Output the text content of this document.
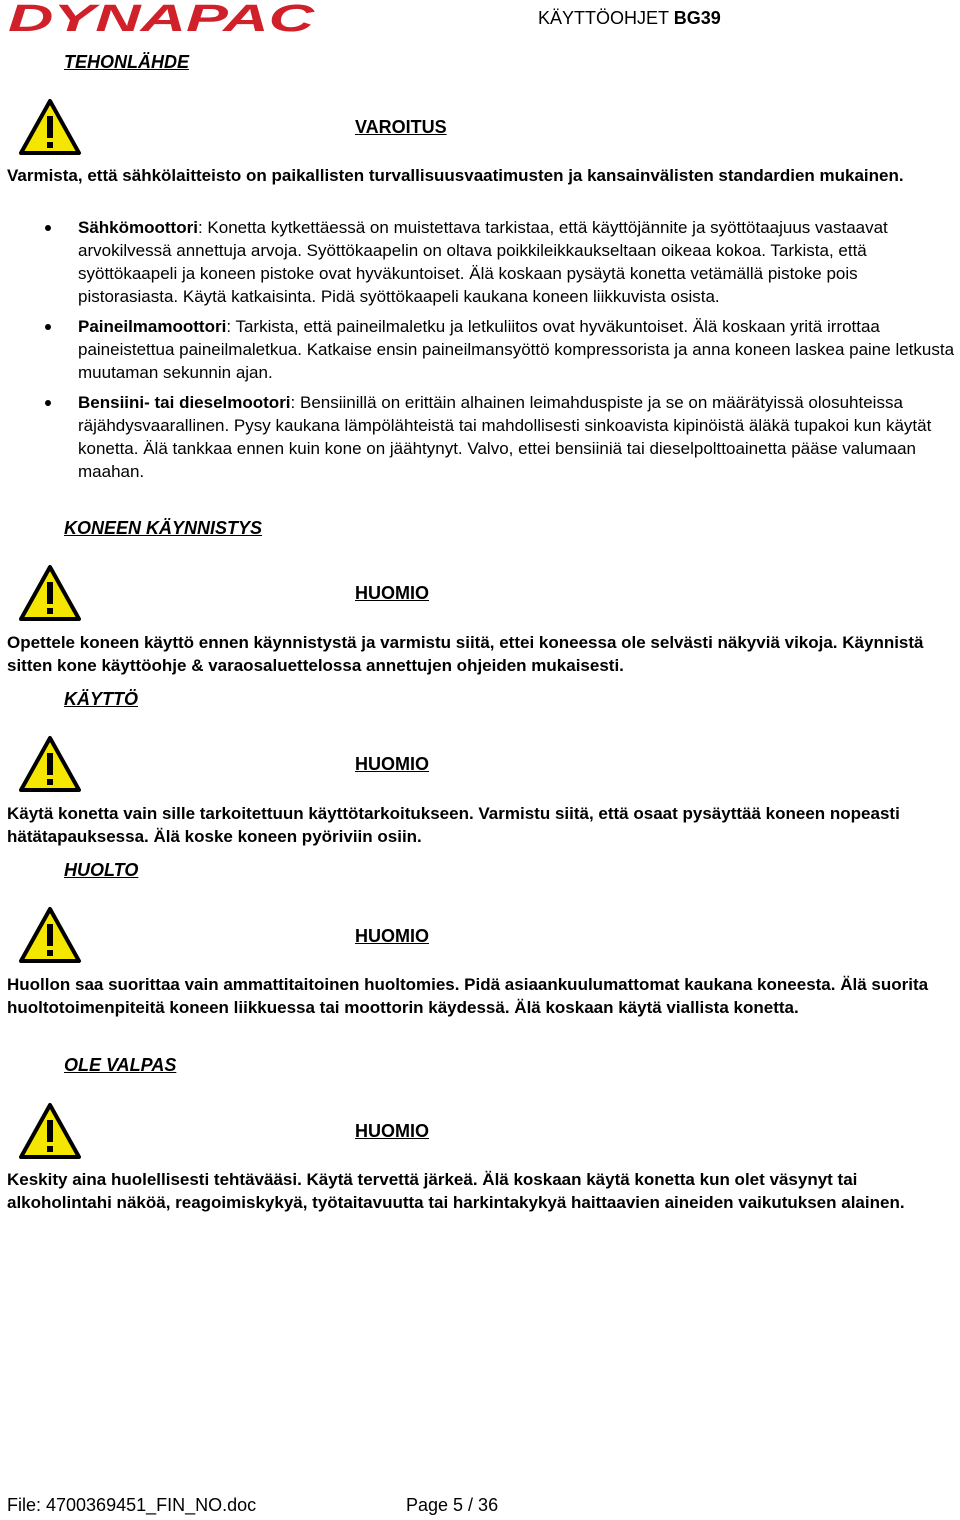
DYNAPAC	KÄYTTÖOHJET BG39
TEHONLÄHDE
VAROITUS
Varmista, että sähkölaitteisto on paikallisten turvallisuusvaatimusten ja kansainvälisten standardien mukainen.
Sähkömoottori: Konetta kytkettäessä on muistettava tarkistaa, että käyttöjännite ja syöttötaajuus vastaavat arvokilvessä annettuja arvoja. Syöttökaapelin on oltava poikkileikkaukseltaan oikeaa kokoa. Tarkista, että syöttökaapeli ja koneen pistoke ovat hyväkuntoiset. Älä koskaan pysäytä konetta vetämällä pistoke pois pistorasiasta. Käytä katkaisinta. Pidä syöttökaapeli kaukana koneen liikkuvista osista.
Paineilmamoottori: Tarkista, että paineilmaletku ja letkuliitos ovat hyväkuntoiset. Älä koskaan yritä irrottaa paineistettua paineilmaletkua. Katkaise ensin paineilmansyöttö kompressorista ja anna koneen laskea paine letkusta muutaman sekunnin ajan.
Bensiini- tai dieselmootori: Bensiinillä on erittäin alhainen leimahduspiste ja se on määrätyissä olosuhteissa räjähdysvaarallinen. Pysy kaukana lämpölähteistä tai mahdollisesti sinkoavista kipinöistä äläkä tupakoi kun käytät konetta. Älä tankkaa ennen kuin kone on jäähtynyt. Valvo, ettei bensiiniä tai dieselpolttoainetta pääse valumaan maahan.
KONEEN KÄYNNISTYS
HUOMIO
Opettele koneen käyttö ennen käynnistystä ja varmistu siitä, ettei koneessa ole selvästi näkyviä vikoja. Käynnistä sitten kone käyttöohje & varaosaluettelossa annettujen ohjeiden mukaisesti.
KÄYTTÖ
HUOMIO
Käytä konetta vain sille tarkoitettuun käyttötarkoitukseen. Varmistu siitä, että osaat pysäyttää koneen nopeasti hätätapauksessa. Älä koske koneen pyöriviin osiin.
HUOLTO
HUOMIO
Huollon saa suorittaa vain ammattitaitoinen huoltomies. Pidä asiaankuulumattomat kaukana koneesta. Älä suorita huoltotoimenpiteitä koneen liikkuessa tai moottorin käydessä. Älä koskaan käytä viallista konetta.
OLE VALPAS
HUOMIO
Keskity aina huolellisesti tehtävääsi. Käytä tervettä järkeä. Älä koskaan käytä konetta kun olet väsynyt tai alkoholintahi näköä, reagoimiskykyä, työtaitavuutta tai harkintakykyä haittaavien aineiden vaikutuksen alainen.
File: 4700369451_FIN_NO.doc	Page 5 / 36
